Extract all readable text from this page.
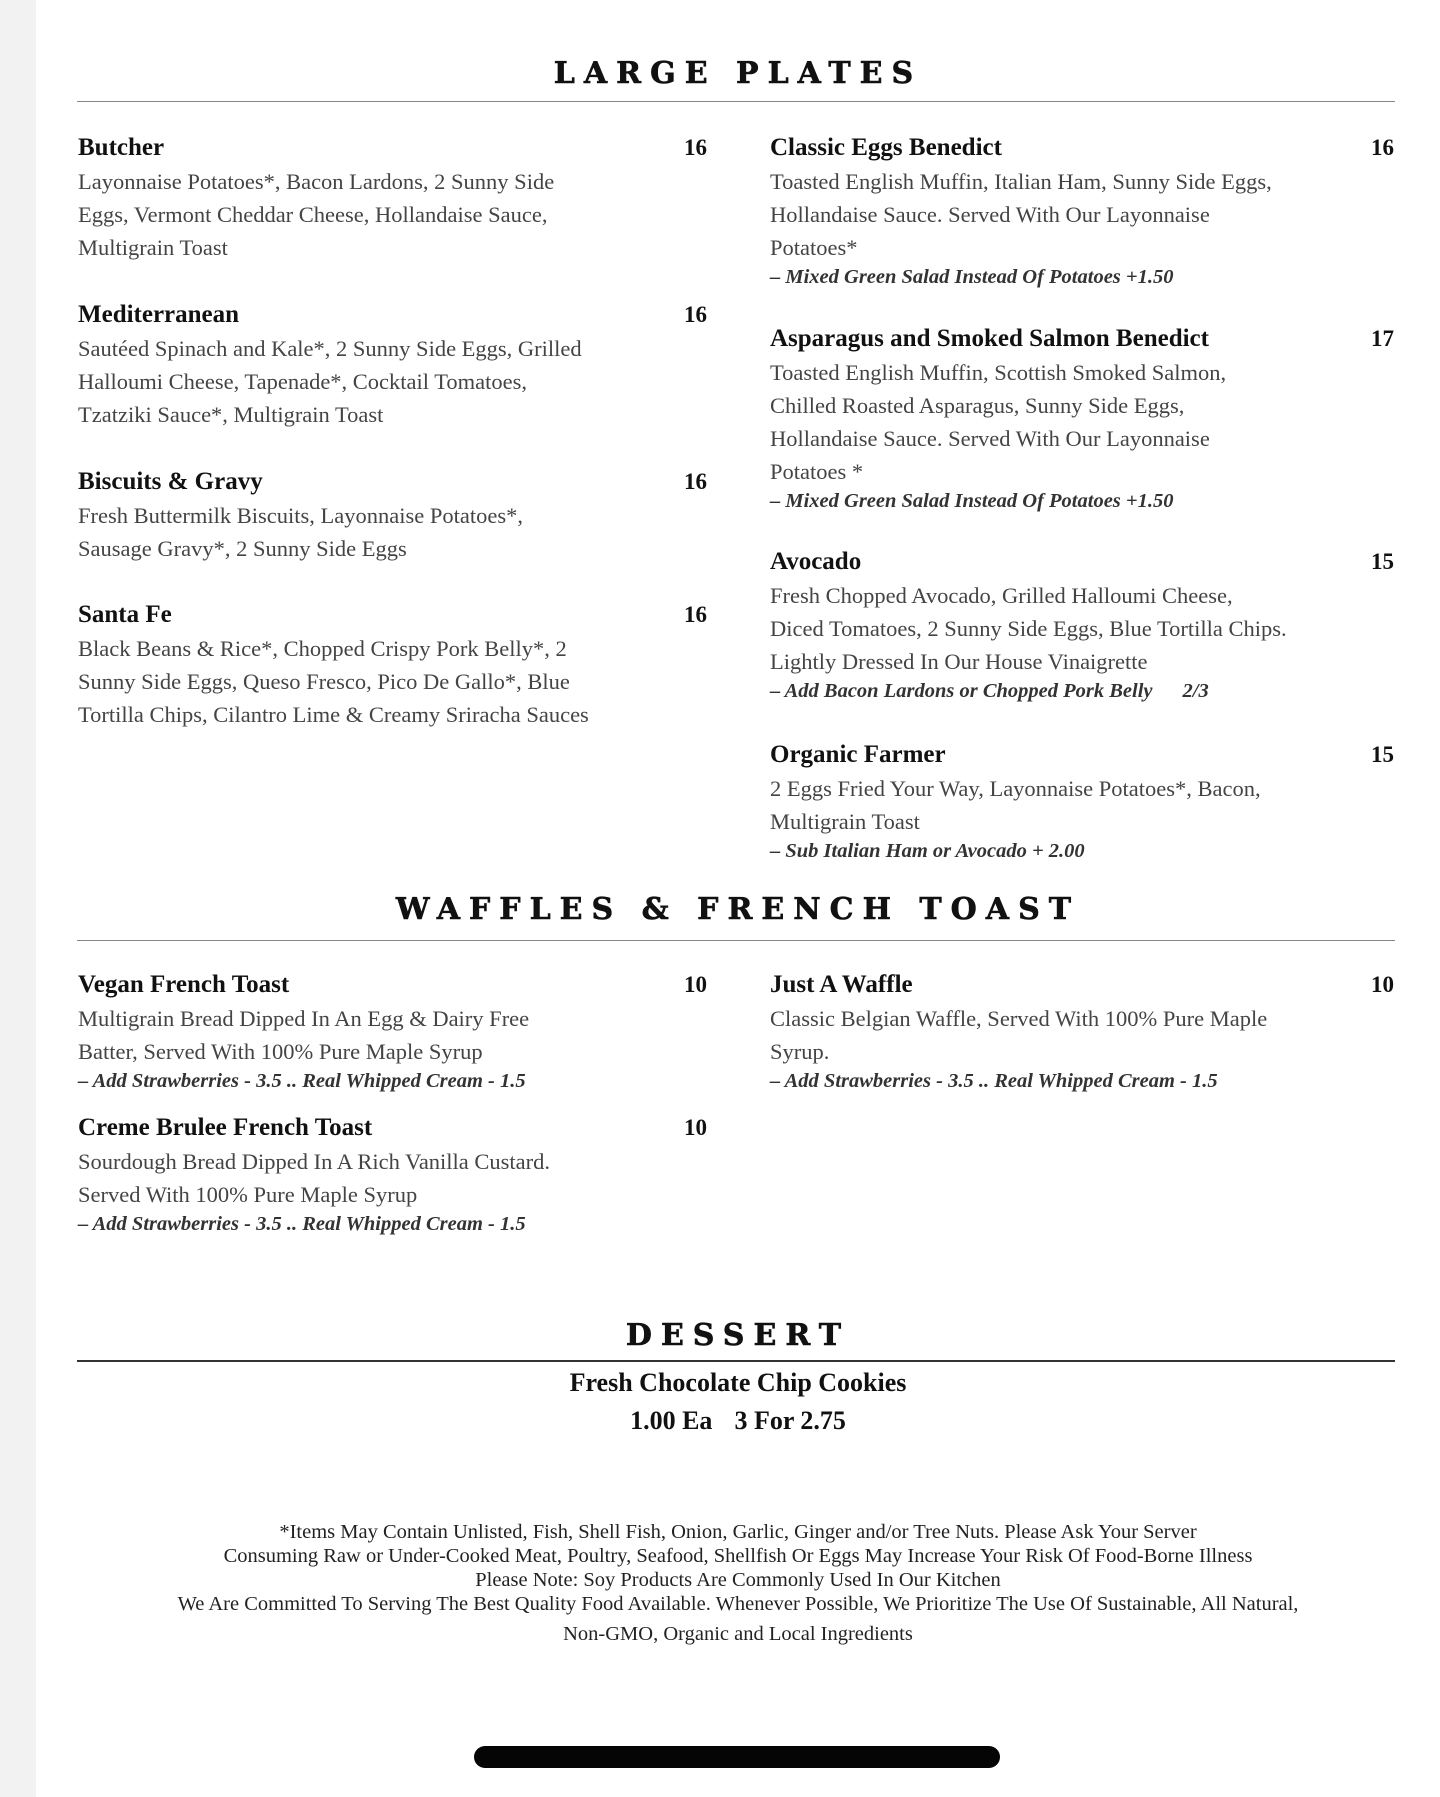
LARGE PLATES
Butcher	16
Layonnaise Potatoes*, Bacon Lardons, 2 Sunny Side
Eggs, Vermont Cheddar Cheese, Hollandaise Sauce,
Multigrain Toast
Mediterranean	16
Sautéed Spinach and Kale*, 2 Sunny Side Eggs, Grilled
Halloumi Cheese, Tapenade*, Cocktail Tomatoes,
Tzatziki Sauce*, Multigrain Toast
Biscuits & Gravy	16
Fresh Buttermilk Biscuits, Layonnaise Potatoes*,
Sausage Gravy*, 2 Sunny Side Eggs
Santa Fe	16
Black Beans & Rice*, Chopped Crispy Pork Belly*, 2
Sunny Side Eggs, Queso Fresco, Pico De Gallo*, Blue
Tortilla Chips, Cilantro Lime & Creamy Sriracha Sauces
Classic Eggs Benedict	16
Toasted English Muffin, Italian Ham, Sunny Side Eggs,
Hollandaise Sauce. Served With Our Layonnaise
Potatoes*
– Mixed Green Salad Instead Of Potatoes +1.50
Asparagus and Smoked Salmon Benedict	17
Toasted English Muffin, Scottish Smoked Salmon,
Chilled Roasted Asparagus, Sunny Side Eggs,
Hollandaise Sauce. Served With Our Layonnaise
Potatoes *
– Mixed Green Salad Instead Of Potatoes +1.50
Avocado	15
Fresh Chopped Avocado, Grilled Halloumi Cheese,
Diced Tomatoes, 2 Sunny Side Eggs, Blue Tortilla Chips.
Lightly Dressed In Our House Vinaigrette
– Add Bacon Lardons or Chopped Pork Belly 2/3
Organic Farmer	15
2 Eggs Fried Your Way, Layonnaise Potatoes*, Bacon,
Multigrain Toast
– Sub Italian Ham or Avocado + 2.00
WAFFLES & FRENCH TOAST
Vegan French Toast	10
Multigrain Bread Dipped In An Egg & Dairy Free
Batter, Served With 100% Pure Maple Syrup
– Add Strawberries - 3.5 .. Real Whipped Cream - 1.5
Creme Brulee French Toast	10
Sourdough Bread Dipped In A Rich Vanilla Custard.
Served With 100% Pure Maple Syrup
– Add Strawberries - 3.5 .. Real Whipped Cream - 1.5
Just A Waffle	10
Classic Belgian Waffle, Served With 100% Pure Maple
Syrup.
– Add Strawberries - 3.5 .. Real Whipped Cream - 1.5
DESSERT
Fresh Chocolate Chip Cookies
1.00 Ea 3 For 2.75
*Items May Contain Unlisted, Fish, Shell Fish, Onion, Garlic, Ginger and/or Tree Nuts. Please Ask Your Server
Consuming Raw or Under-Cooked Meat, Poultry, Seafood, Shellfish Or Eggs May Increase Your Risk Of Food-Borne Illness
Please Note: Soy Products Are Commonly Used In Our Kitchen
We Are Committed To Serving The Best Quality Food Available. Whenever Possible, We Prioritize The Use Of Sustainable, All Natural,
Non-GMO, Organic and Local Ingredients
